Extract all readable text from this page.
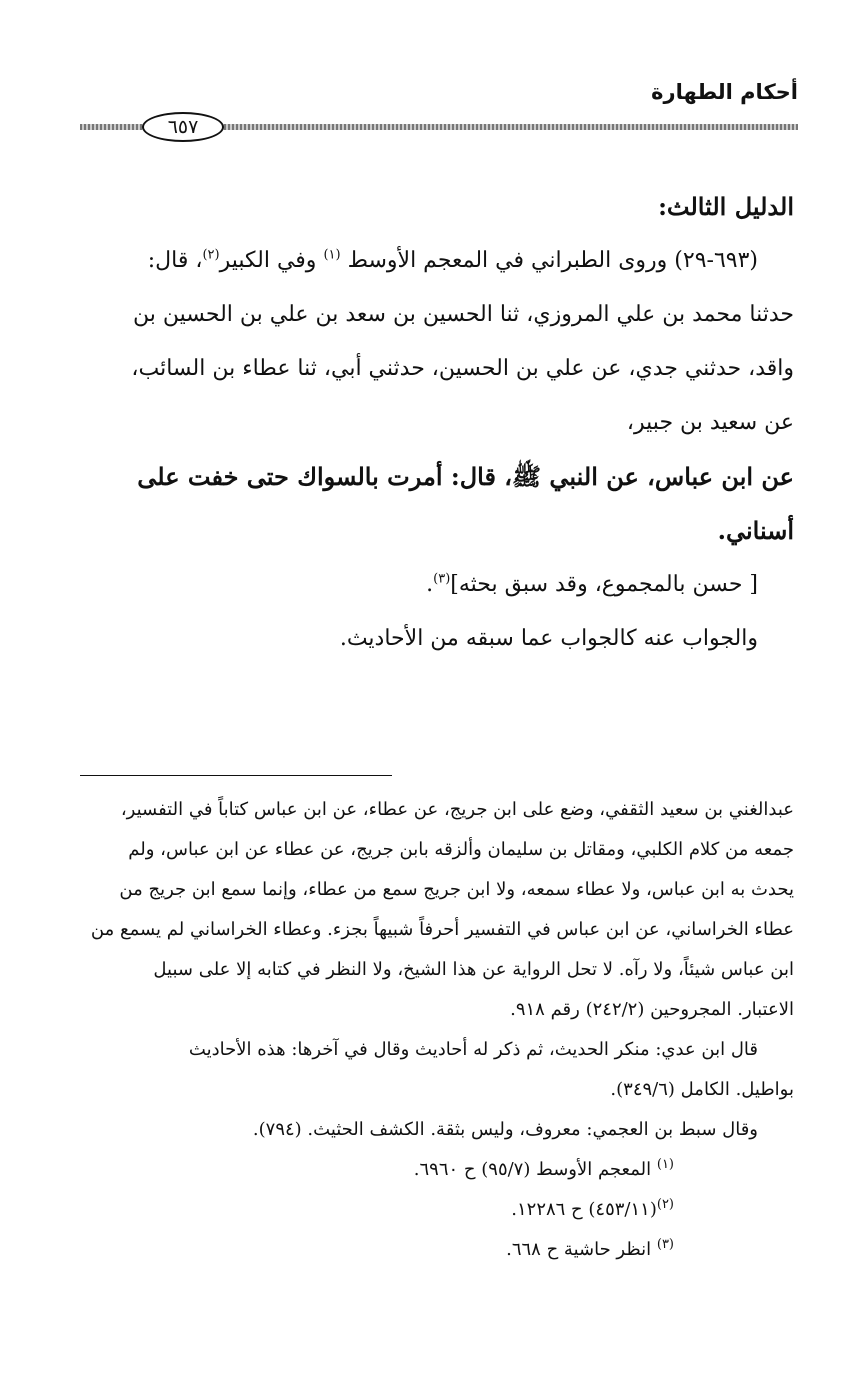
أحكام الطهارة
٦٥٧

الدليل الثالث:

(٦٩٣-٢٩) وروى الطبراني في المعجم الأوسط $^{(١)}$ وفي الكبير$^{(٢)}$، قال:

حدثنا محمد بن علي المروزي، ثنا الحسين بن سعد بن علي بن الحسين بن

واقد، حدثني جدي، عن علي بن الحسين، حدثني أبي، ثنا عطاء بن السائب،

عن سعيد بن جبير،

عن ابن عباس، عن النبي ﷺ، قال: أمرت بالسواك حتى خفت على

أسناني.

[ حسن بالمجموع، وقد سبق بحثه]$^{(٣)}$.

والجواب عنه كالجواب عما سبقه من الأحاديث.

عبدالغني بن سعيد الثقفي، وضع على ابن جريج، عن عطاء، عن ابن عباس كتاباً في التفسير،

جمعه من كلام الكلبي، ومقاتل بن سليمان وألزقه بابن جريج، عن عطاء عن ابن عباس، ولم

يحدث به ابن عباس، ولا عطاء سمعه، ولا ابن جريج سمع من عطاء، وإنما سمع ابن جريج من

عطاء الخراساني، عن ابن عباس في التفسير أحرفاً شبيهاً بجزء. وعطاء الخراساني لم يسمع من

ابن عباس شيئاً، ولا رآه. لا تحل الرواية عن هذا الشيخ، ولا النظر في كتابه إلا على سبيل

الاعتبار. المجروحين (٢٤٢/٢) رقم ٩١٨.

قال ابن عدي: منكر الحديث، ثم ذكر له أحاديث وقال في آخرها: هذه الأحاديث

بواطيل. الكامل (٣٤٩/٦).

وقال سبط بن العجمي: معروف، وليس بثقة. الكشف الحثيث. (٧٩٤).

$^{(١)}$ المعجم الأوسط (٩٥/٧) ح ٦٩٦٠.

$^{(٢)}$(٤٥٣/١١) ح ١٢٢٨٦.

$^{(٣)}$ انظر حاشية ح ٦٦٨.
